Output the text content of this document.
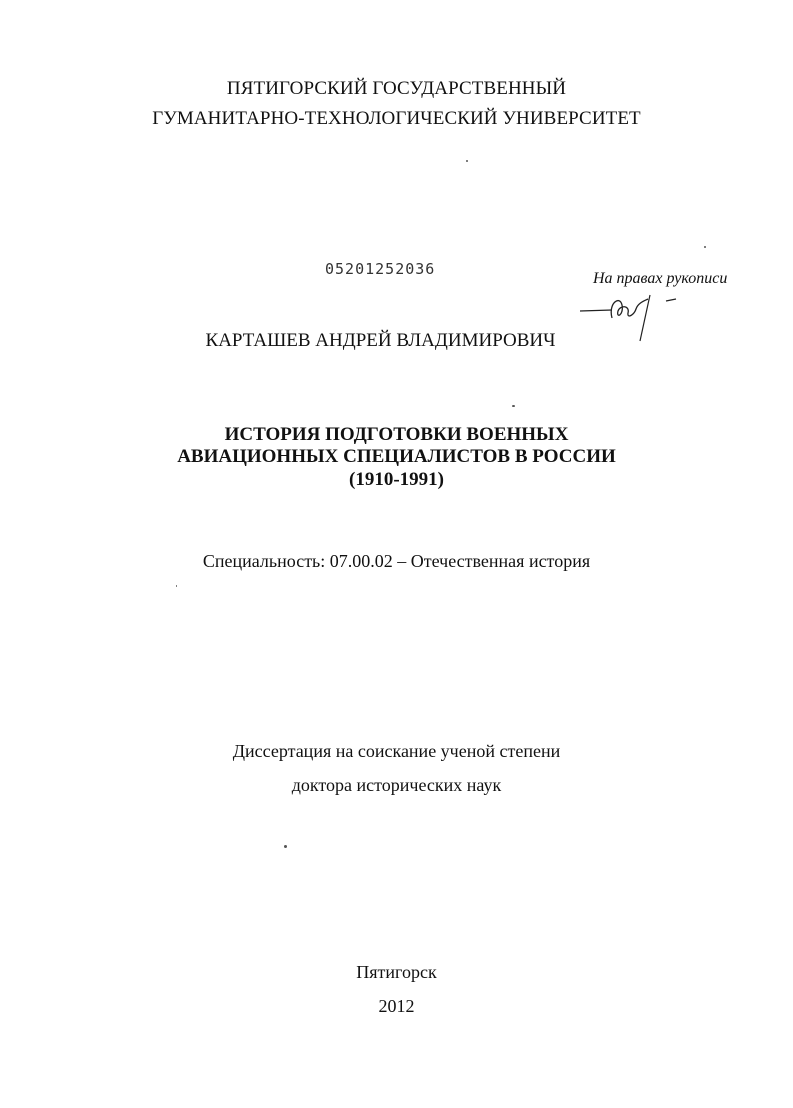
ПЯТИГОРСКИЙ ГОСУДАРСТВЕННЫЙ
ГУМАНИТАРНО-ТЕХНОЛОГИЧЕСКИЙ УНИВЕРСИТЕТ
05201252036
На правах рукописи
КАРТАШЕВ АНДРЕЙ ВЛАДИМИРОВИЧ
ИСТОРИЯ ПОДГОТОВКИ ВОЕННЫХ
АВИАЦИОННЫХ СПЕЦИАЛИСТОВ В РОССИИ
(1910-1991)
Специальность: 07.00.02 – Отечественная история
Диссертация на соискание ученой степени
доктора исторических наук
Пятигорск
2012
